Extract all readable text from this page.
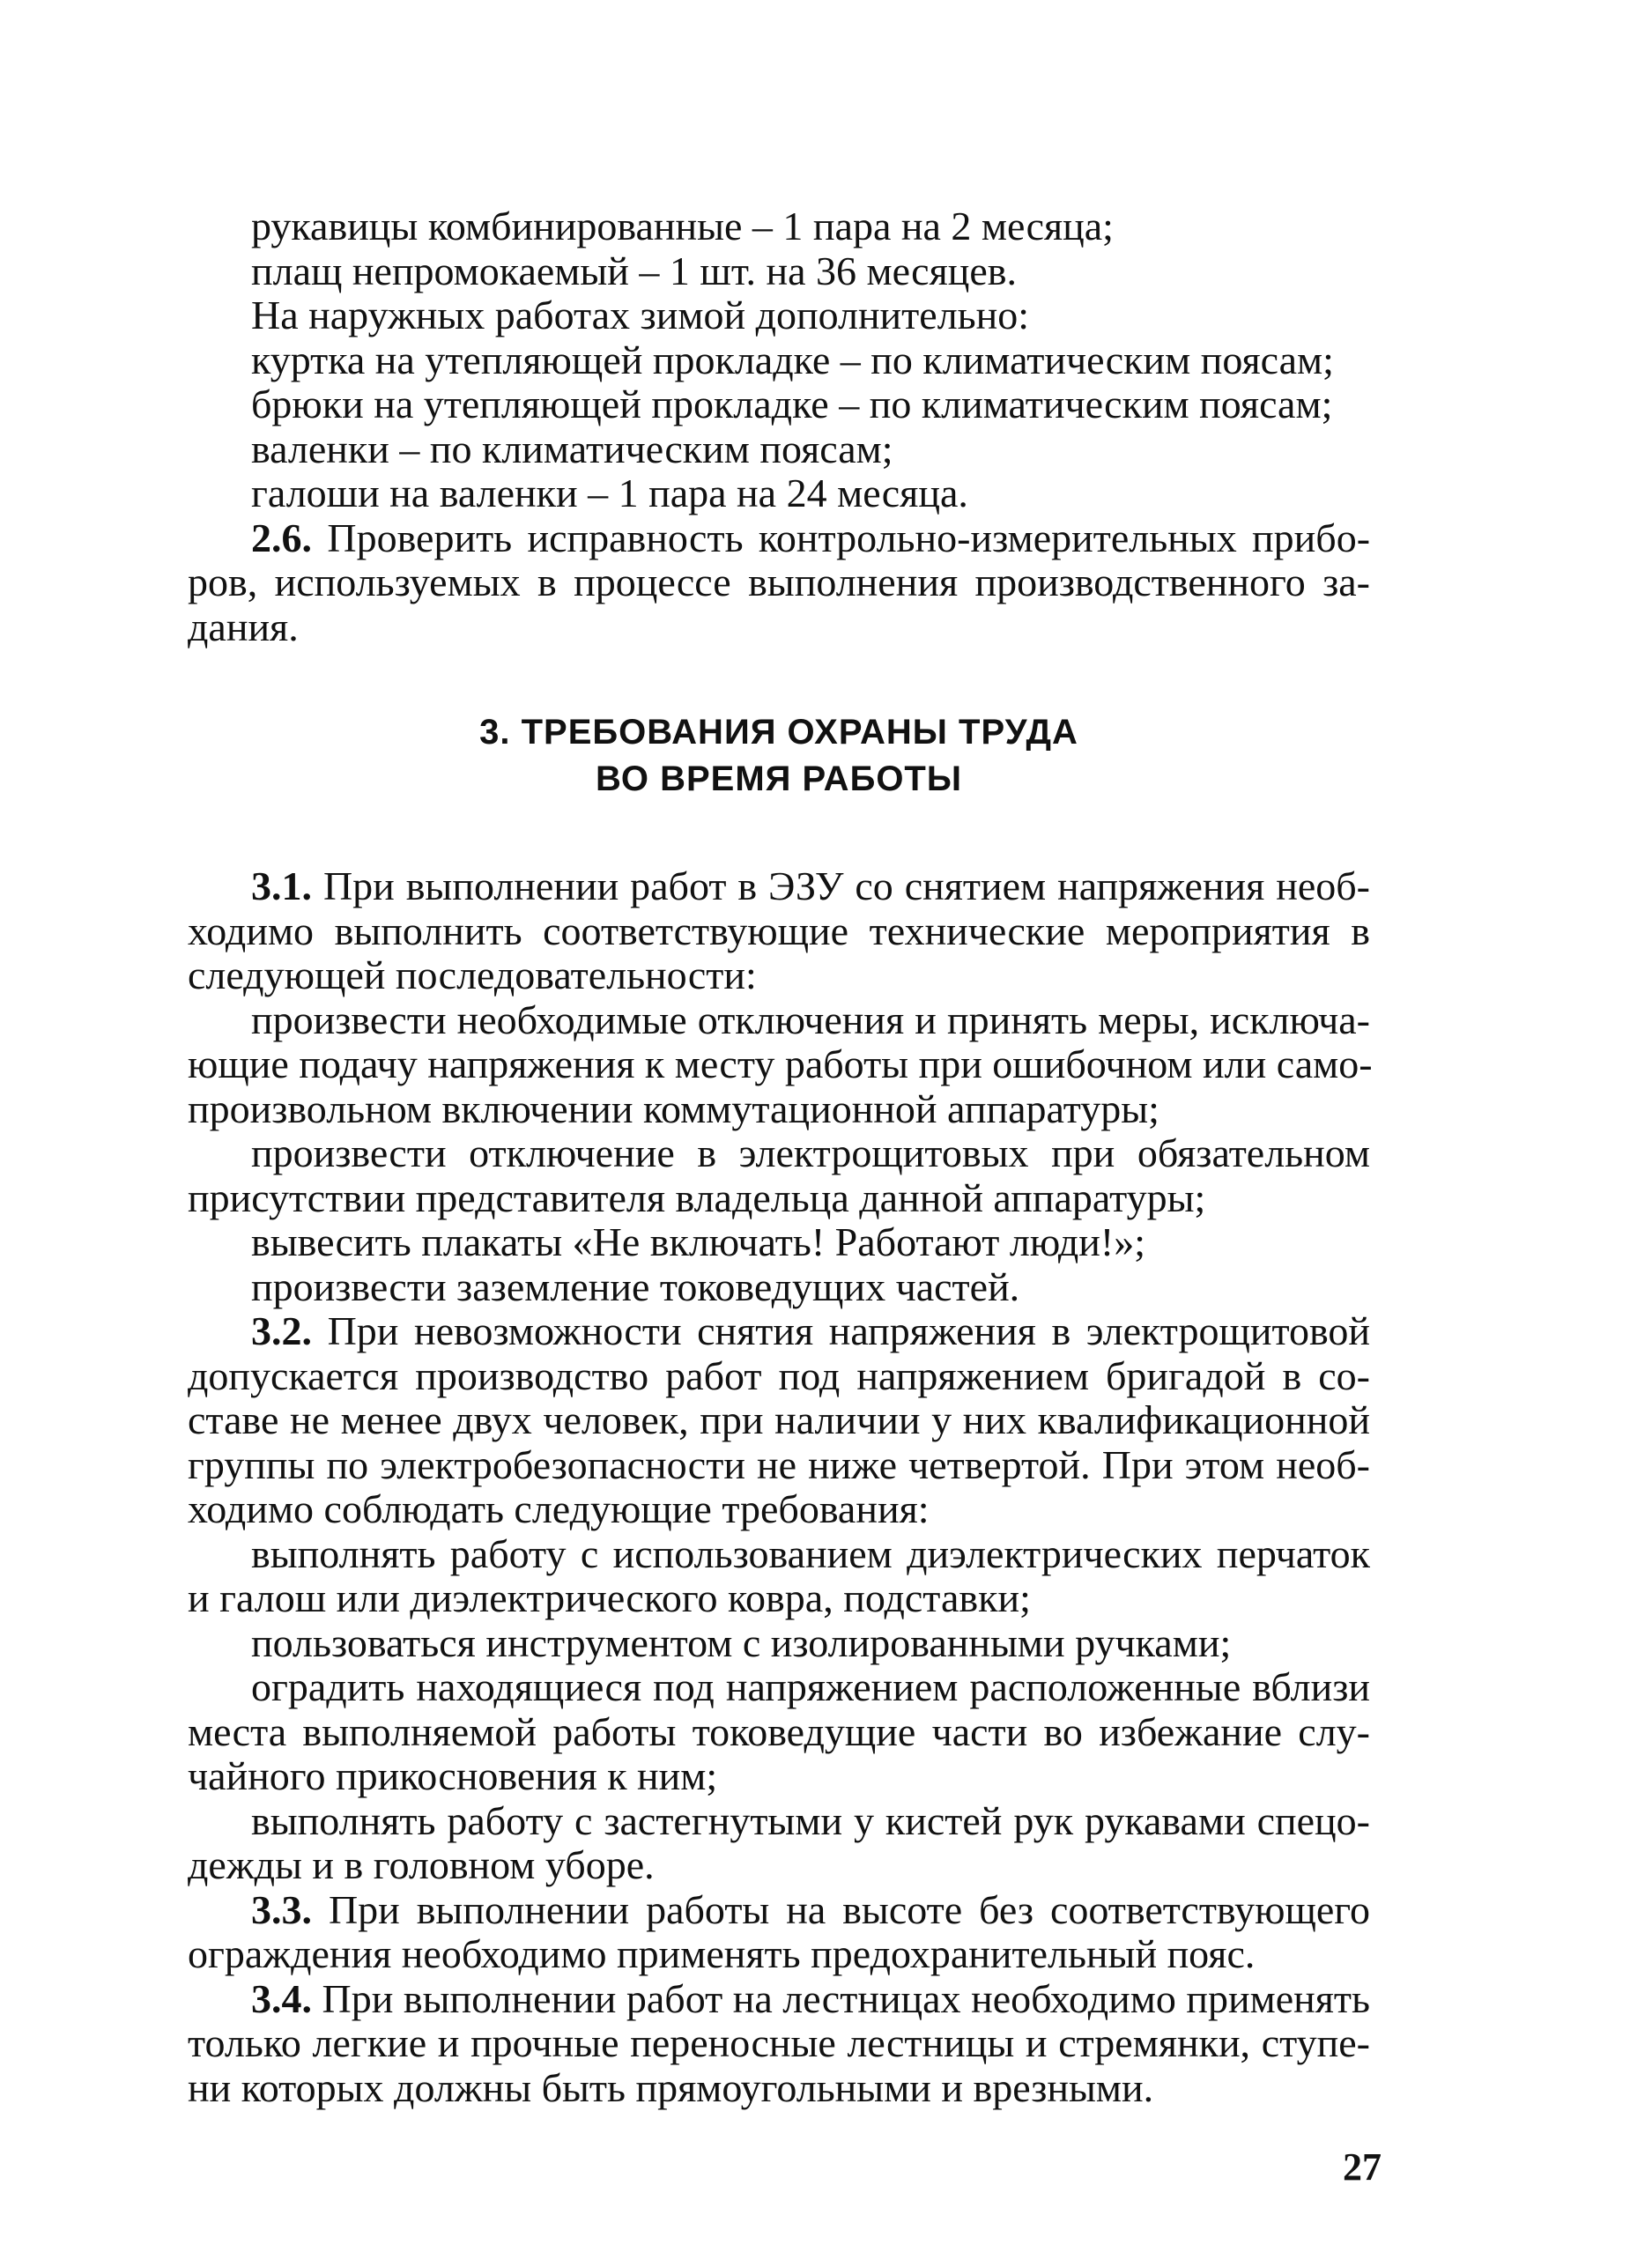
рукавицы комбинированные – 1 пара на 2 месяца;
плащ непромокаемый – 1 шт. на 36 месяцев.
На наружных работах зимой дополнительно:
куртка на утепляющей прокладке – по климатическим поясам;
брюки на утепляющей прокладке – по климатическим поясам;
валенки – по климатическим поясам;
галоши на валенки – 1 пара на 24 месяца.
2.6. Проверить исправность контрольно-измерительных прибо-
ров, используемых в процессе выполнения производственного за-
дания.
3. ТРЕБОВАНИЯ ОХРАНЫ ТРУДА
ВО ВРЕМЯ РАБОТЫ
3.1. При выполнении работ в ЭЗУ со снятием напряжения необ-
ходимо выполнить соответствующие технические мероприятия в
следующей последовательности:
произвести необходимые отключения и принять меры, исключа-
ющие подачу напряжения к месту работы при ошибочном или само-
произвольном включении коммутационной аппаратуры;
произвести отключение в электрощитовых при обязательном
присутствии представителя владельца данной аппаратуры;
вывесить плакаты «Не включать! Работают люди!»;
произвести заземление токоведущих частей.
3.2. При невозможности снятия напряжения в электрощитовой
допускается производство работ под напряжением бригадой в со-
ставе не менее двух человек, при наличии у них квалификационной
группы по электробезопасности не ниже четвертой. При этом необ-
ходимо соблюдать следующие требования:
выполнять работу с использованием диэлектрических перчаток
и галош или диэлектрического ковра, подставки;
пользоваться инструментом с изолированными ручками;
оградить находящиеся под напряжением расположенные вблизи
места выполняемой работы токоведущие части во избежание слу-
чайного прикосновения к ним;
выполнять работу с застегнутыми у кистей рук рукавами спецо-
дежды и в головном уборе.
3.3. При выполнении работы на высоте без соответствующего
ограждения необходимо применять предохранительный пояс.
3.4. При выполнении работ на лестницах необходимо применять
только легкие и прочные переносные лестницы и стремянки, ступе-
ни которых должны быть прямоугольными и врезными.
27
